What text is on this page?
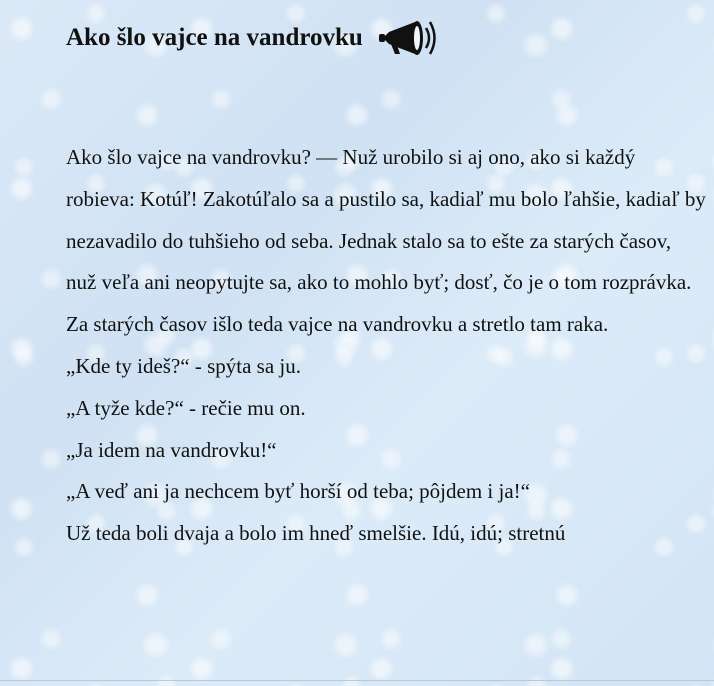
Ako šlo vajce na vandrovku

Ako šlo vajce na vandrovku? — Nuž urobilo si aj ono, ako si každý robieva: Kotúľ! Zakotúľalo sa a pustilo sa, kadiaľ mu bolo ľahšie, kadiaľ by nezavadilo do tuhšieho od seba. Jednak stalo sa to ešte za starých časov, nuž veľa ani neopytujte sa, ako to mohlo byť; dosť, čo je o tom rozprávka.

Za starých časov išlo teda vajce na vandrovku a stretlo tam raka.

„Kde ty ideš?“ - spýta sa ju.

„A tyže kde?“ - rečie mu on.

„Ja idem na vandrovku!“

„A veď ani ja nechcem byť horší od teba; pôjdem i ja!“

Už teda boli dvaja a bolo im hneď smelšie. Idú, idú; stretnú
